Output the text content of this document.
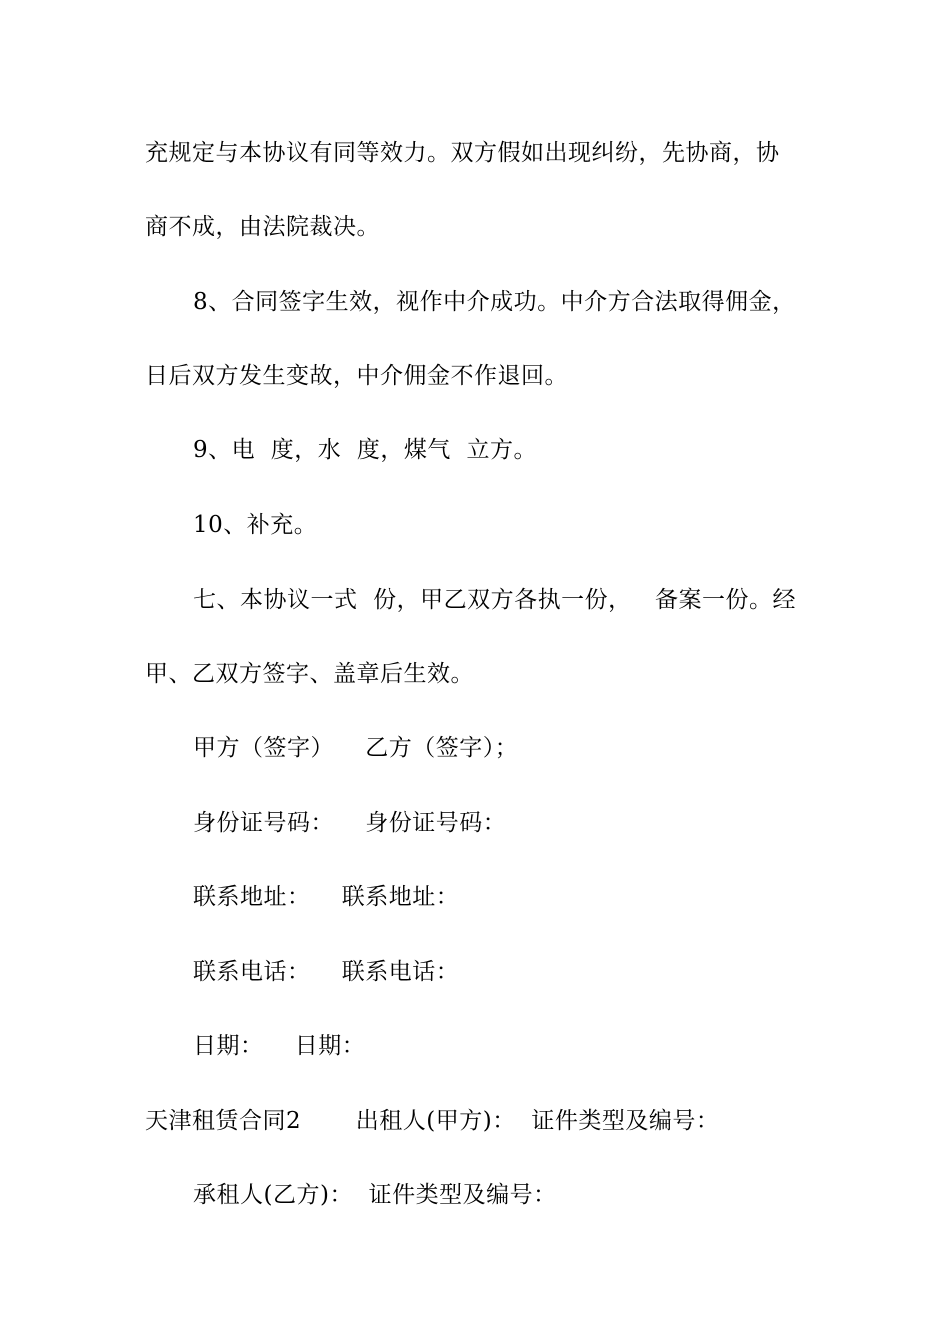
充规定与本协议有同等效力。双方假如出现纠纷，先协商，协
商不成，由法院裁决。
8、合同签字生效，视作中介成功。中介方合法取得佣金，
日后双方发生变故，中介佣金不作退回。
9、电  度，水  度，煤气  立方。
10、补充。
七、本协议一式  份，甲乙双方各执一份，   备案一份。经
甲、乙双方签字、盖章后生效。
甲方（签字）    乙方（签字）；
身份证号码：    身份证号码：
联系地址：    联系地址：
联系电话：    联系电话：
日期：    日期：
天津租赁合同2       出租人(甲方)：  证件类型及编号：
承租人(乙方)：  证件类型及编号：
